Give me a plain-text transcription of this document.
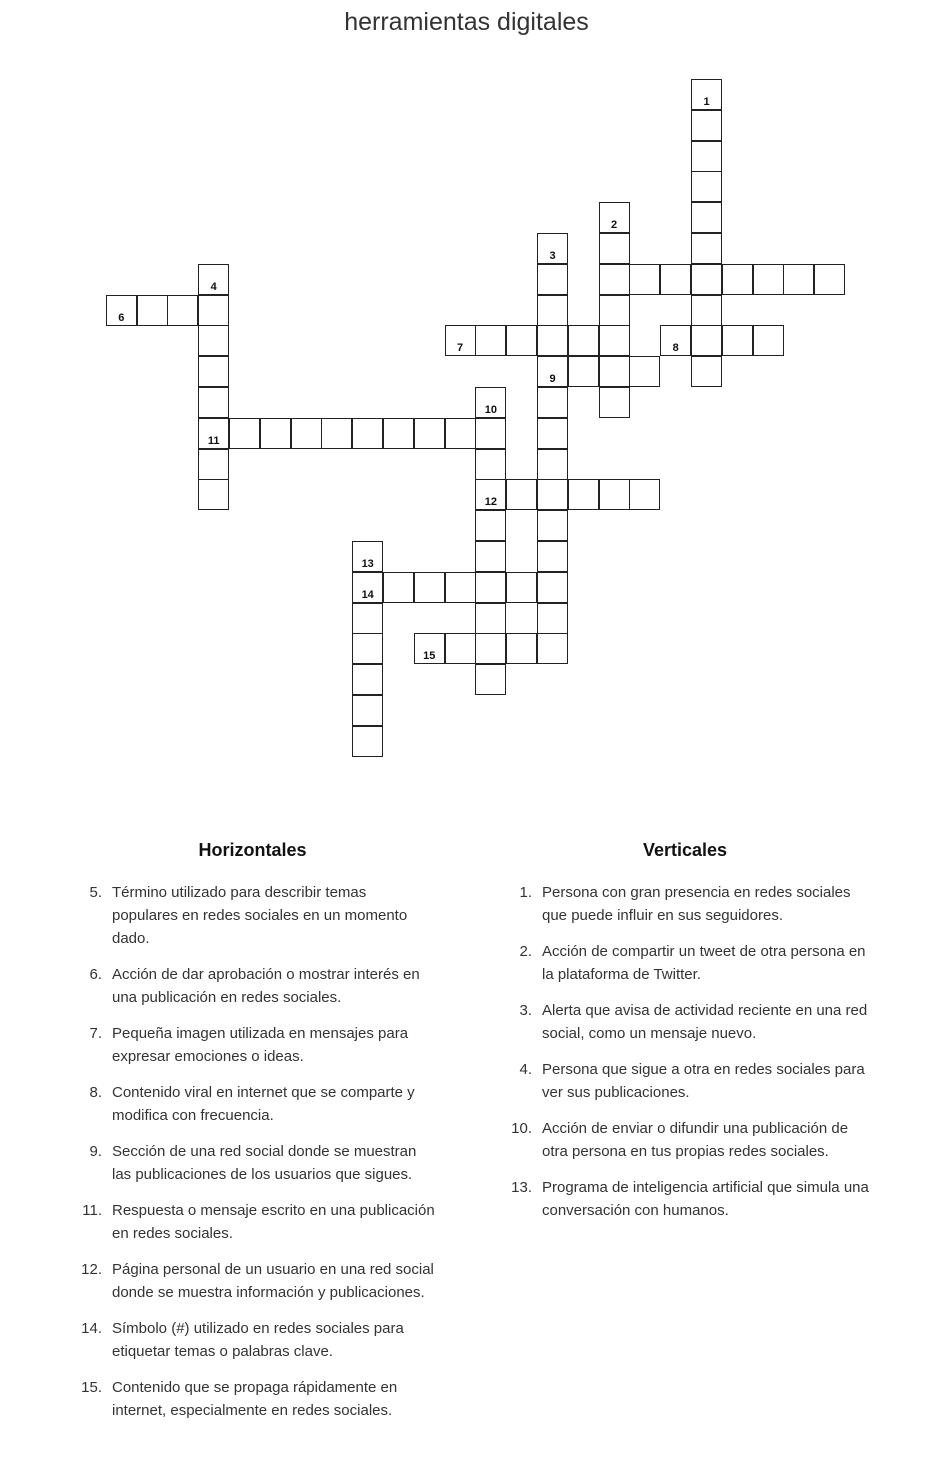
herramientas digitales
1
2
3
4
6
7	8
9
11
10
12
13
14
15
Horizontales
5. Término utilizado para describir temas populares en redes sociales en un momento dado.
6. Acción de dar aprobación o mostrar interés en una publicación en redes sociales.
7. Pequeña imagen utilizada en mensajes para expresar emociones o ideas.
8. Contenido viral en internet que se comparte y modifica con frecuencia.
9. Sección de una red social donde se muestran las publicaciones de los usuarios que sigues.
11. Respuesta o mensaje escrito en una publicación en redes sociales.
12. Página personal de un usuario en una red social donde se muestra información y publicaciones.
14. Símbolo (#) utilizado en redes sociales para etiquetar temas o palabras clave.
15. Contenido que se propaga rápidamente en internet, especialmente en redes sociales.
Verticales
1. Persona con gran presencia en redes sociales que puede influir en sus seguidores.
2. Acción de compartir un tweet de otra persona en la plataforma de Twitter.
3. Alerta que avisa de actividad reciente en una red social, como un mensaje nuevo.
4. Persona que sigue a otra en redes sociales para ver sus publicaciones.
10. Acción de enviar o difundir una publicación de otra persona en tus propias redes sociales.
13. Programa de inteligencia artificial que simula una conversación con humanos.
